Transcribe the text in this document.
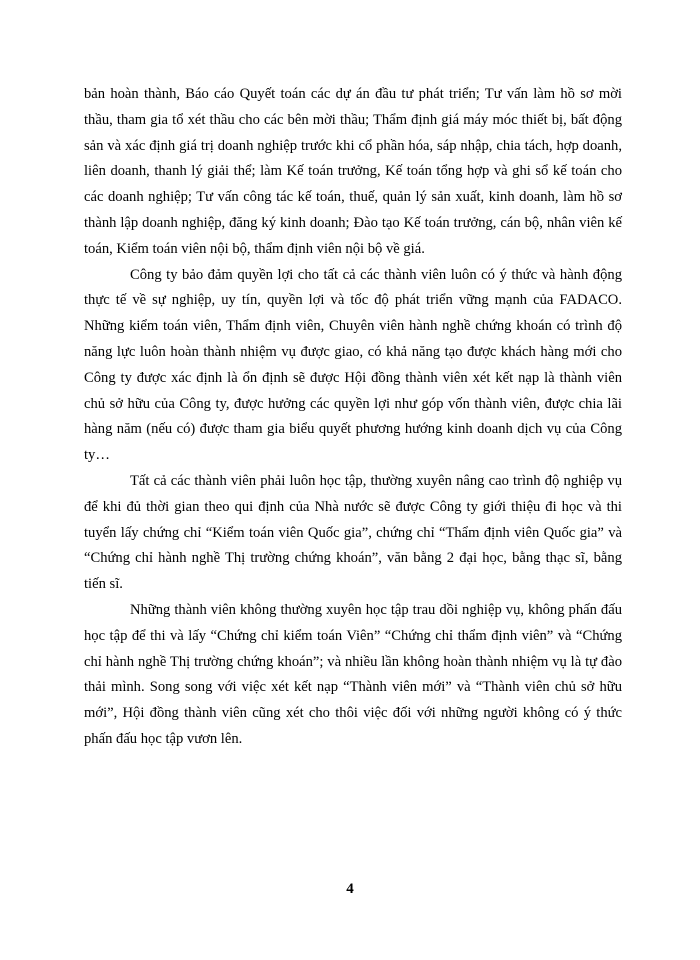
bản hoàn thành, Báo cáo Quyết toán các dự án đầu tư phát triển; Tư vấn làm hồ sơ mời thầu, tham gia tổ xét thầu cho các bên mời thầu; Thẩm định giá máy móc thiết bị, bất động sản và xác định giá trị doanh nghiệp trước khi cổ phần hóa, sáp nhập, chia tách, hợp doanh, liên doanh, thanh lý giải thể; làm Kế toán trưởng, Kế toán tổng hợp và ghi sổ kế toán cho các doanh nghiệp; Tư vấn công tác kế toán, thuế, quản lý sản xuất, kinh doanh, làm hồ sơ thành lập doanh nghiệp, đăng ký kinh doanh; Đào tạo Kế toán trưởng, cán bộ, nhân viên kế toán, Kiểm toán viên nội bộ, thẩm định viên nội bộ về giá.

Công ty bảo đảm quyền lợi cho tất cả các thành viên luôn có ý thức và hành động thực tế về sự nghiệp, uy tín, quyền lợi và tốc độ phát triển vững mạnh của FADACO. Những kiểm toán viên, Thẩm định viên, Chuyên viên hành nghề chứng khoán có trình độ năng lực luôn hoàn thành nhiệm vụ được giao, có khả năng tạo được khách hàng mới cho Công ty được xác định là ổn định sẽ được Hội đồng thành viên xét kết nạp là thành viên chủ sở hữu của Công ty, được hưởng các quyền lợi như góp vốn thành viên, được chia lãi hàng năm (nếu có) được tham gia biểu quyết phương hướng kinh doanh dịch vụ của Công ty…

Tất cả các thành viên phải luôn học tập, thường xuyên nâng cao trình độ nghiệp vụ để khi đủ thời gian theo qui định của Nhà nước sẽ được Công ty giới thiệu đi học và thi tuyển lấy chứng chỉ “Kiểm toán viên Quốc gia”, chứng chỉ “Thẩm định viên Quốc gia” và “Chứng chỉ hành nghề Thị trường chứng khoán”, văn bằng 2 đại học, bằng thạc sĩ, bằng tiến sĩ.

Những thành viên không thường xuyên học tập trau dồi nghiệp vụ, không phấn đấu học tập để thi và lấy “Chứng chỉ kiểm toán Viên” “Chứng chỉ thẩm định viên” và “Chứng chỉ hành nghề Thị trường chứng khoán”; và nhiều lần không hoàn thành nhiệm vụ là tự đào thải mình. Song song với việc xét kết nạp “Thành viên mới” và “Thành viên chủ sở hữu mới”, Hội đồng thành viên cũng xét cho thôi việc đối với những người không có ý thức phấn đấu học tập vươn lên.

4
